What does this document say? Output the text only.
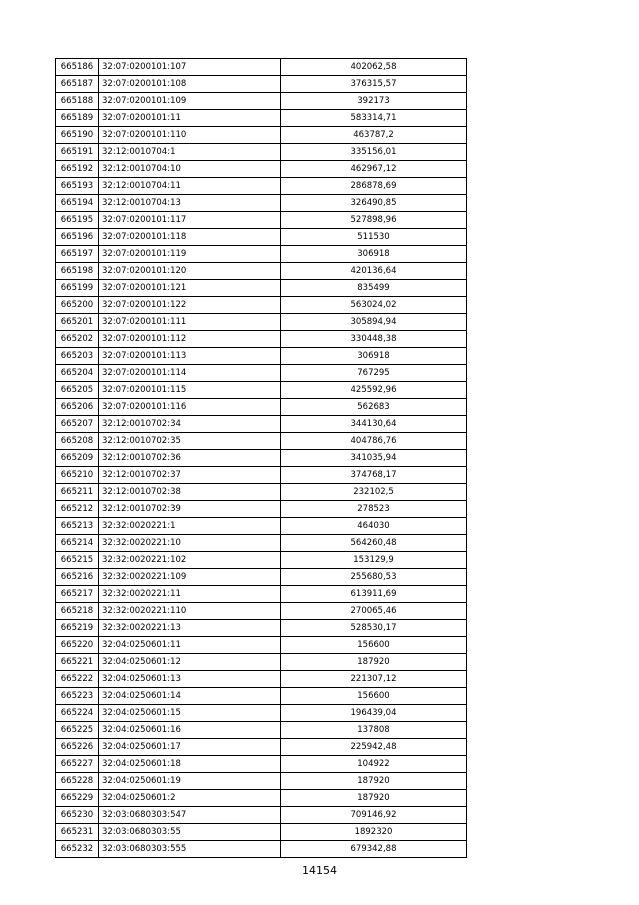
665186	32:07:0200101:107	402062,58
665187	32:07:0200101:108	376315,57
665188	32:07:0200101:109	392173
665189	32:07:0200101:11	583314,71
665190	32:07:0200101:110	463787,2
665191	32:12:0010704:1	335156,01
665192	32:12:0010704:10	462967,12
665193	32:12:0010704:11	286878,69
665194	32:12:0010704:13	326490,85
665195	32:07:0200101:117	527898,96
665196	32:07:0200101:118	511530
665197	32:07:0200101:119	306918
665198	32:07:0200101:120	420136,64
665199	32:07:0200101:121	835499
665200	32:07:0200101:122	563024,02
665201	32:07:0200101:111	305894,94
665202	32:07:0200101:112	330448,38
665203	32:07:0200101:113	306918
665204	32:07:0200101:114	767295
665205	32:07:0200101:115	425592,96
665206	32:07:0200101:116	562683
665207	32:12:0010702:34	344130,64
665208	32:12:0010702:35	404786,76
665209	32:12:0010702:36	341035,94
665210	32:12:0010702:37	374768,17
665211	32:12:0010702:38	232102,5
665212	32:12:0010702:39	278523
665213	32:32:0020221:1	464030
665214	32:32:0020221:10	564260,48
665215	32:32:0020221:102	153129,9
665216	32:32:0020221:109	255680,53
665217	32:32:0020221:11	613911,69
665218	32:32:0020221:110	270065,46
665219	32:32:0020221:13	528530,17
665220	32:04:0250601:11	156600
665221	32:04:0250601:12	187920
665222	32:04:0250601:13	221307,12
665223	32:04:0250601:14	156600
665224	32:04:0250601:15	196439,04
665225	32:04:0250601:16	137808
665226	32:04:0250601:17	225942,48
665227	32:04:0250601:18	104922
665228	32:04:0250601:19	187920
665229	32:04:0250601:2	187920
665230	32:03:0680303:547	709146,92
665231	32:03:0680303:55	1892320
665232	32:03:0680303:555	679342,88
14154
